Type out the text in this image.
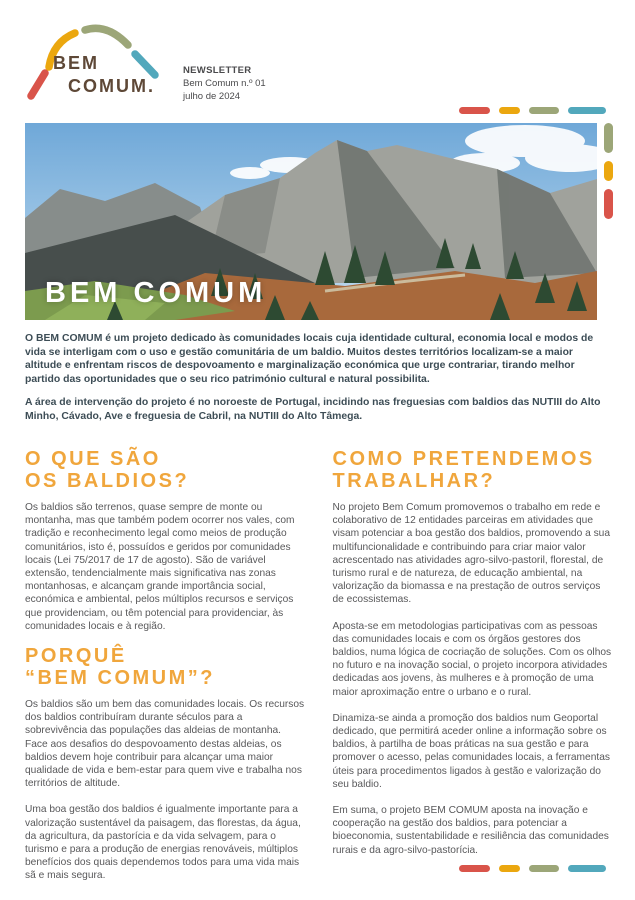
BEM
COMUM.
NEWSLETTER
Bem Comum n.º 01
julho de 2024
BEM COMUM

O BEM COMUM é um projeto dedicado às comunidades locais cuja identidade cultural, economia local e modos de vida se interligam com o uso e gestão comunitária de um baldio. Muitos destes territórios localizam-se a maior altitude e enfrentam riscos de despovoamento e marginalização económica que urge contrariar, tirando melhor partido das oportunidades que o seu rico património cultural e natural possibilita.

A área de intervenção do projeto é no noroeste de Portugal, incidindo nas freguesias com baldios das NUTIII do Alto Minho, Cávado, Ave e freguesia de Cabril, na NUTIII do Alto Tâmega.

O QUE SÃO
OS BALDIOS?

Os baldios são terrenos, quase sempre de monte ou montanha, mas que também podem ocorrer nos vales, com tradição e reconhecimento legal como meios de produção comunitários, isto é, possuídos e geridos por comunidades locais (Lei 75/2017 de 17 de agosto). São de variável extensão, tendencialmente mais significativa nas zonas montanhosas, e alcançam grande importância social, económica e ambiental, pelos múltiplos recursos e serviços que providenciam, ou têm potencial para providenciar, às comunidades locais e à região.

PORQUÊ
“BEM COMUM”?

Os baldios são um bem das comunidades locais. Os recursos dos baldios contribuíram durante séculos para a sobrevivência das populações das aldeias de montanha. Face aos desafios do despovoamento destas aldeias, os baldios devem hoje contribuir para alcançar uma maior qualidade de vida e bem-estar para quem vive e trabalha nos territórios de altitude.

Uma boa gestão dos baldios é igualmente importante para a valorização sustentável da paisagem, das florestas, da água, da agricultura, da pastorícia e da vida selvagem, para o turismo e para a produção de energias renováveis, múltiplos benefícios dos quais dependemos todos para uma vida mais sã e mais segura.

COMO PRETENDEMOS
TRABALHAR?

No projeto Bem Comum promovemos o trabalho em rede e colaborativo de 12 entidades parceiras em atividades que visam potenciar a boa gestão dos baldios, promovendo a sua multifuncionalidade e contribuindo para criar maior valor acrescentado nas atividades agro-silvo-pastoril, florestal, de turismo rural e de natureza, de educação ambiental, na valorização da biomassa e na prestação de outros serviços de ecossistemas.

Aposta-se em metodologias participativas com as pessoas das comunidades locais e com os órgãos gestores dos baldios, numa lógica de cocriação de soluções. Com os olhos no futuro e na inovação social, o projeto incorpora atividades dedicadas aos jovens, às mulheres e à promoção de uma maior aproximação entre o urbano e o rural.

Dinamiza-se ainda a promoção dos baldios num Geoportal dedicado, que permitirá aceder online a informação sobre os baldios, à partilha de boas práticas na sua gestão e para promover o acesso, pelas comunidades locais, a ferramentas úteis para procedimentos ligados à gestão e valorização do seu baldio.

Em suma, o projeto BEM COMUM aposta na inovação e cooperação na gestão dos baldios, para potenciar a bioeconomia, sustentabilidade e resiliência das comunidades rurais e da agro-silvo-pastorícia.
